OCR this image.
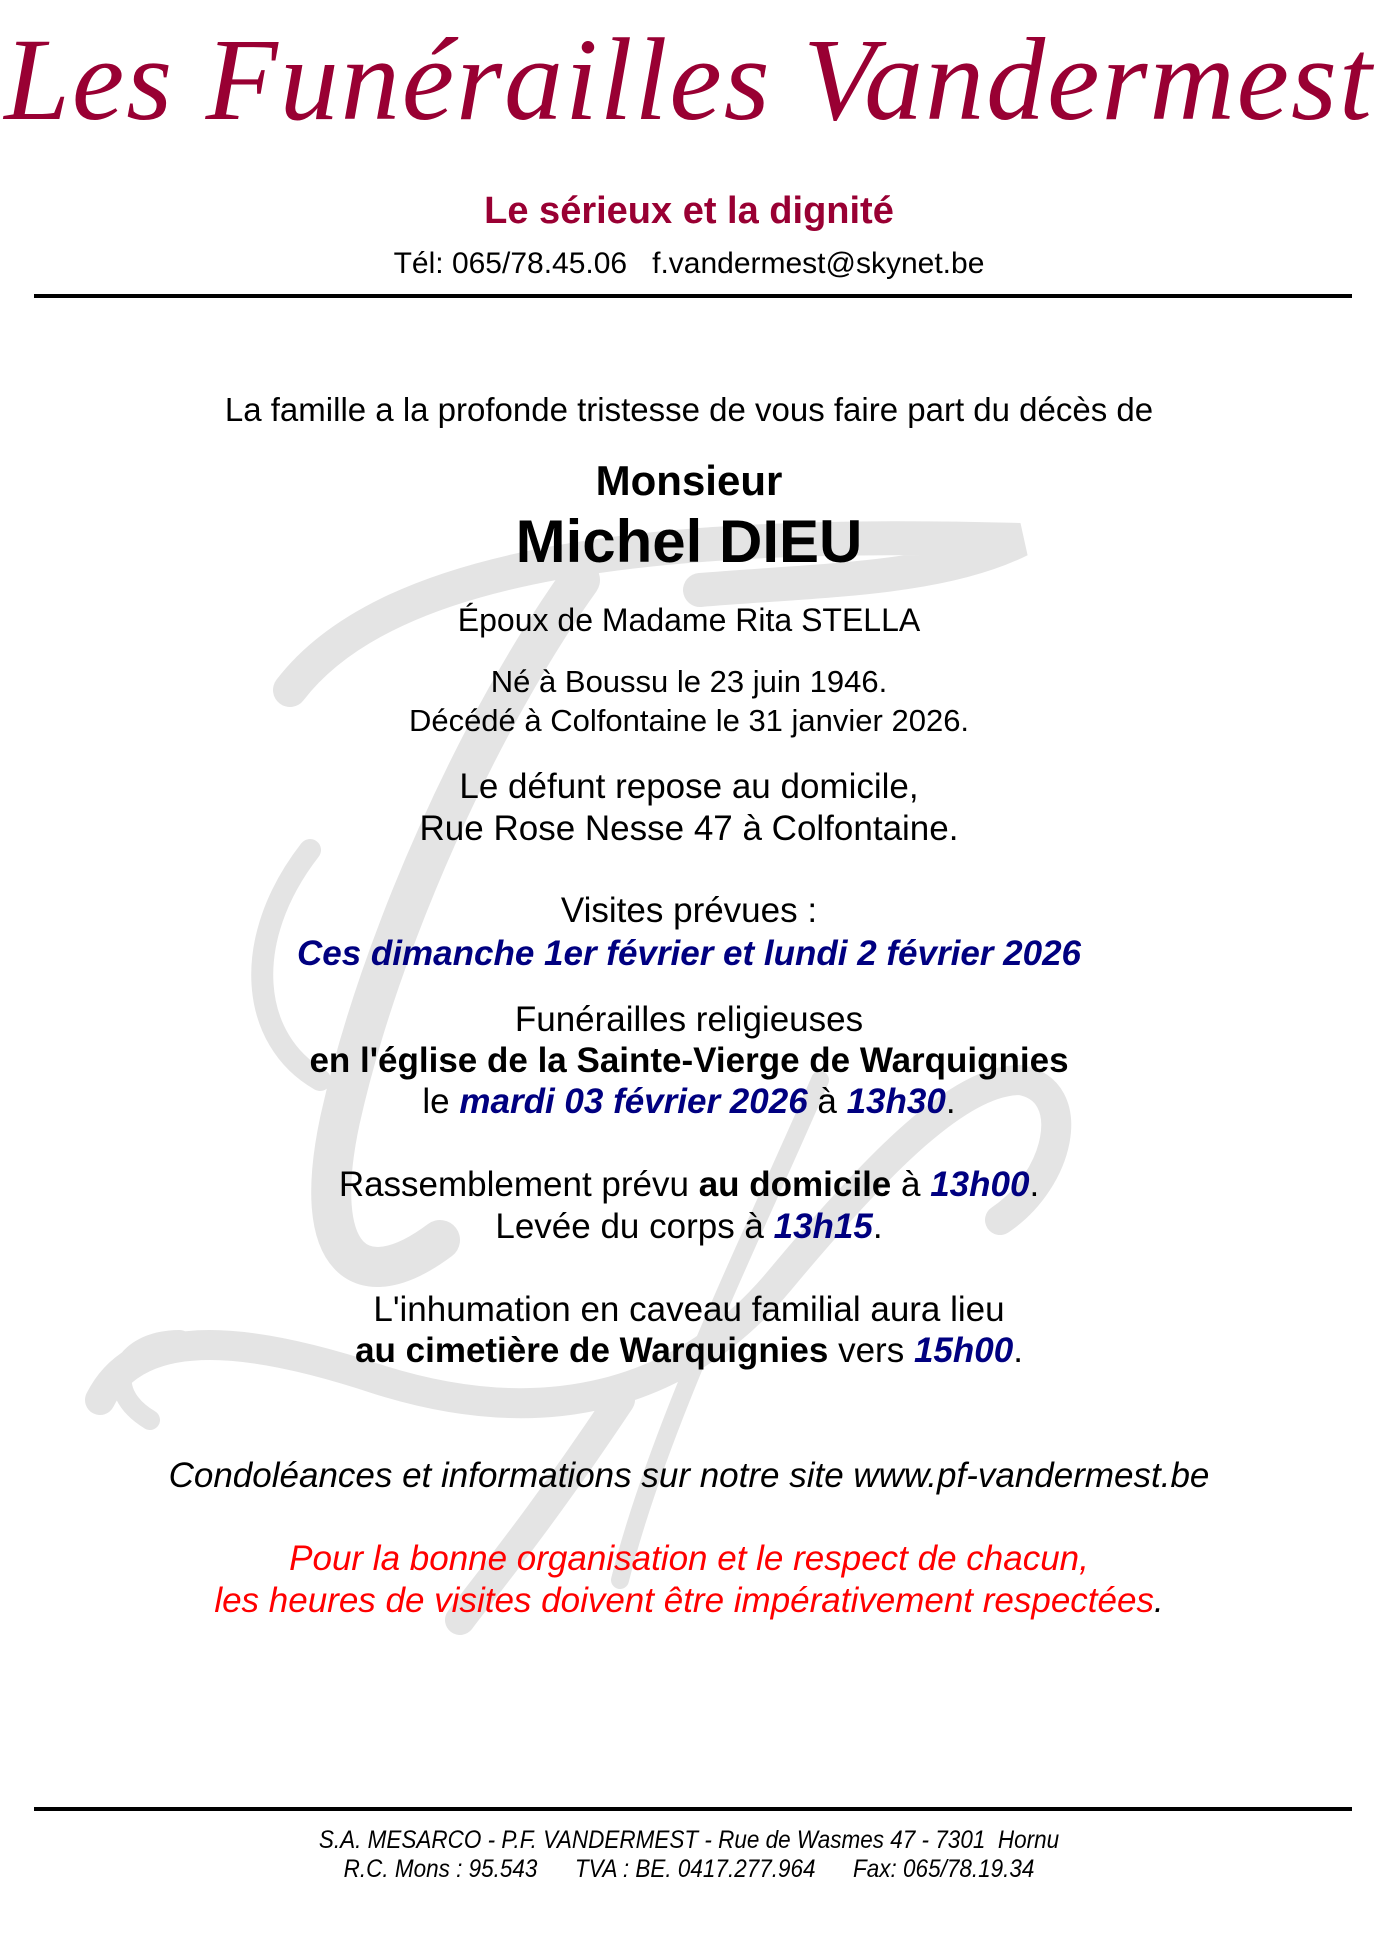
Les Funérailles Vandermest
Le sérieux et la dignité
Tél: 065/78.45.06   f.vandermest@skynet.be
La famille a la profonde tristesse de vous faire part du décès de
Monsieur
Michel DIEU
Époux de Madame Rita STELLA
Né à Boussu le 23 juin 1946.
Décédé à Colfontaine le 31 janvier 2026.
Le défunt repose au domicile,
Rue Rose Nesse 47 à Colfontaine.
Visites prévues :
Ces dimanche 1er février et lundi 2 février 2026
Funérailles religieuses
en l'église de la Sainte-Vierge de Warquignies
le mardi 03 février 2026 à 13h30.
Rassemblement prévu au domicile à 13h00.
Levée du corps à 13h15.
L'inhumation en caveau familial aura lieu
au cimetière de Warquignies vers 15h00.
Condoléances et informations sur notre site www.pf-vandermest.be
Pour la bonne organisation et le respect de chacun,
les heures de visites doivent être impérativement respectées.
S.A. MESARCO - P.F. VANDERMEST - Rue de Wasmes 47 - 7301  Hornu
R.C. Mons : 95.543      TVA : BE. 0417.277.964      Fax: 065/78.19.34
